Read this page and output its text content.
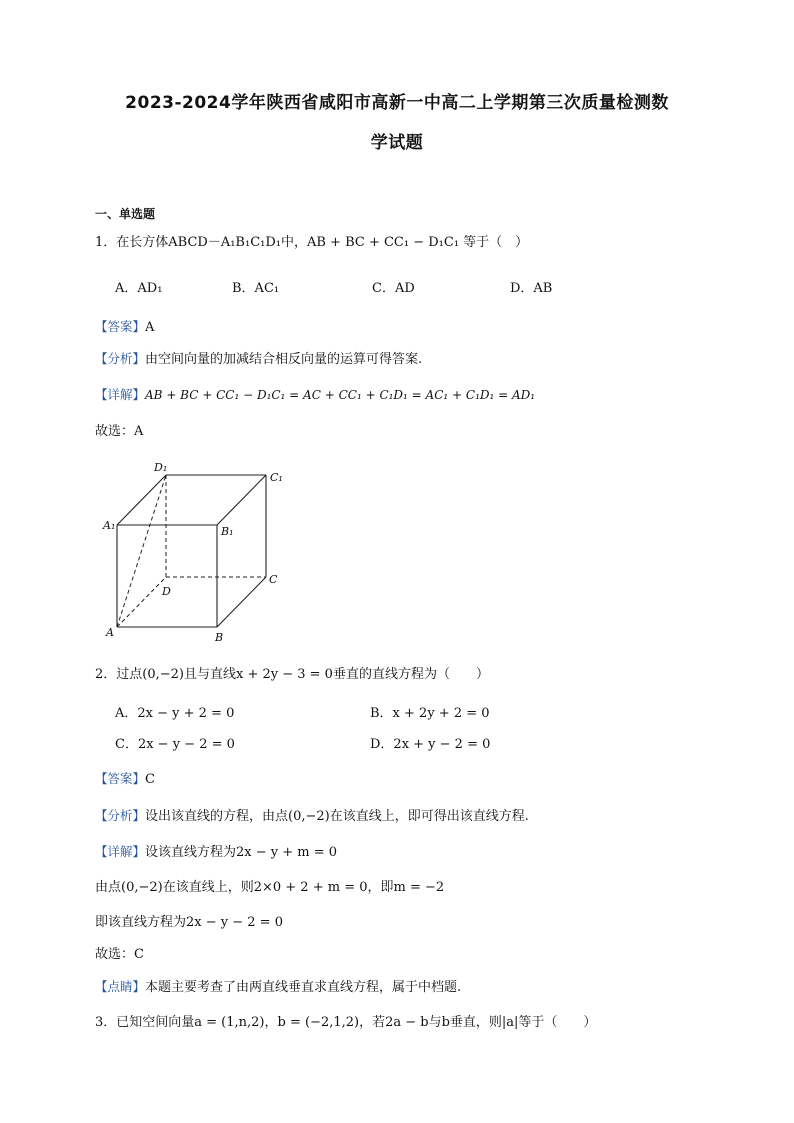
2023-2024学年陕西省咸阳市高新一中高二上学期第三次质量检测数
学试题
一、单选题
1．在长方体ABCD－A₁B₁C₁D₁中，AB + BC + CC₁ − D₁C₁ 等于（　）
A．AD₁	B．AC₁	C．AD	D．AB
【答案】A
【分析】由空间向量的加减结合相反向量的运算可得答案.
【详解】AB + BC + CC₁ − D₁C₁ = AC + CC₁ + C₁D₁ = AC₁ + C₁D₁ = AD₁
故选：A
D₁
C₁
A₁	B₁
D
C
A	B
2．过点(0,−2)且与直线x + 2y − 3 = 0垂直的直线方程为（　　）
A．2x − y + 2 = 0	B．x + 2y + 2 = 0
C．2x − y − 2 = 0	D．2x + y − 2 = 0
【答案】C
【分析】设出该直线的方程，由点(0,−2)在该直线上，即可得出该直线方程.
【详解】设该直线方程为2x − y + m = 0
由点(0,−2)在该直线上，则2×0 + 2 + m = 0，即m = −2
即该直线方程为2x − y − 2 = 0
故选：C
【点睛】本题主要考查了由两直线垂直求直线方程，属于中档题.
3．已知空间向量a = (1,n,2)，b = (−2,1,2)，若2a − b与b垂直，则|a|等于（　　）
